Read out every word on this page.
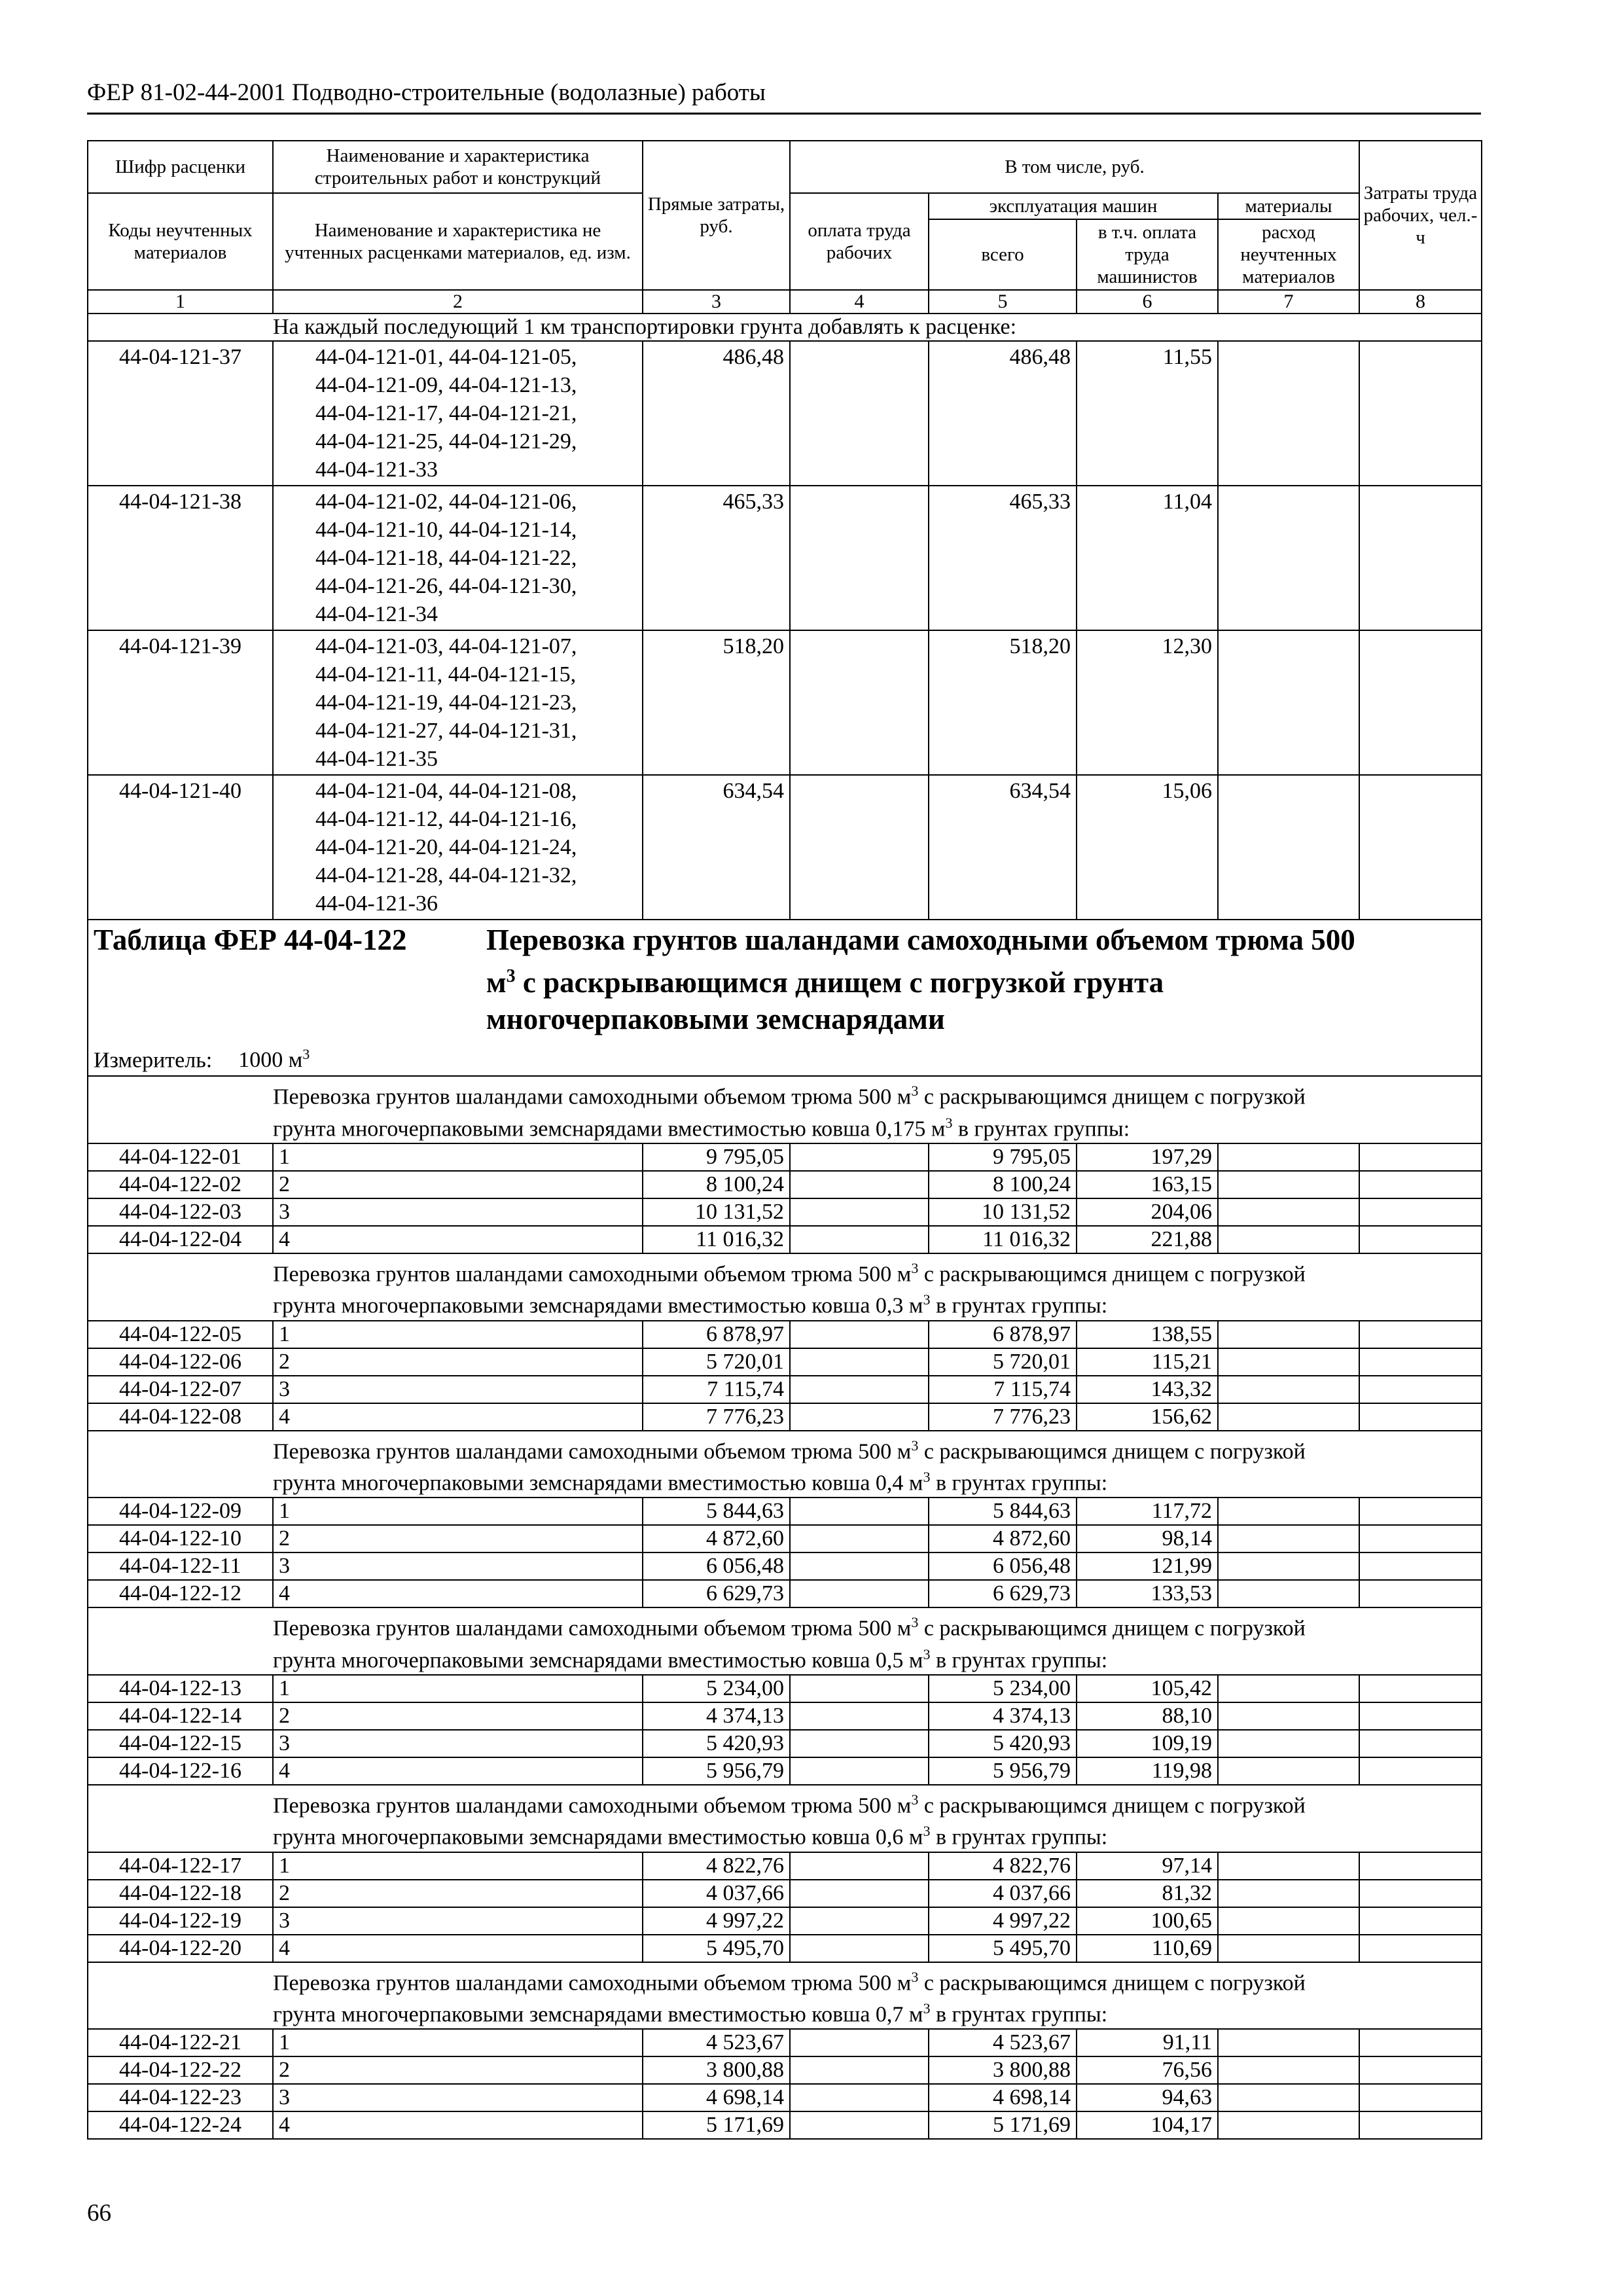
ФЕР 81-02-44-2001 Подводно-строительные (водолазные) работы
Шифр расценки	Наименование и характеристика строительных работ и конструкций	Прямые затраты, руб.	В том числе, руб.				Затраты труда рабочих, чел.-ч
Коды неучтенных материалов	Наименование и характеристика не учтенных расценками материалов, ед. изм.		оплата труда рабочих	эксплуатация машин		материалы	
				всего	в т.ч. оплата труда машинистов	расход неучтенных материалов	
1	2	3	4	5	6	7	8
	На каждый последующий 1 км транспортировки грунта добавлять к расценке:						
44-04-121-37	44-04-121-01, 44-04-121-05,
44-04-121-09, 44-04-121-13,
44-04-121-17, 44-04-121-21,
44-04-121-25, 44-04-121-29,
44-04-121-33	486,48		486,48	11,55		
44-04-121-38	44-04-121-02, 44-04-121-06,
44-04-121-10, 44-04-121-14,
44-04-121-18, 44-04-121-22,
44-04-121-26, 44-04-121-30,
44-04-121-34	465,33		465,33	11,04		
44-04-121-39	44-04-121-03, 44-04-121-07,
44-04-121-11, 44-04-121-15,
44-04-121-19, 44-04-121-23,
44-04-121-27, 44-04-121-31,
44-04-121-35	518,20		518,20	12,30		
44-04-121-40	44-04-121-04, 44-04-121-08,
44-04-121-12, 44-04-121-16,
44-04-121-20, 44-04-121-24,
44-04-121-28, 44-04-121-32,
44-04-121-36	634,54		634,54	15,06		

Таблица ФЕР 44-04-122 Перевозка грунтов шаландами самоходными объемом трюма 500
$м^3$ с раскрывающимся днищем с погрузкой грунта
многочерпаковыми земснарядами							

Измеритель: 1000 $м^3$
	Перевозка грунтов шаландами самоходными объемом трюма 500 $м^3$ с раскрывающимся днищем с погрузкой
грунта многочерпаковыми земснарядами вместимостью ковша 0,175 $м^3$ в грунтах группы:						
44-04-122-01	1	9 795,05		9 795,05	197,29		
44-04-122-02	2	8 100,24		8 100,24	163,15		
44-04-122-03	3	10 131,52		10 131,52	204,06		
44-04-122-04	4	11 016,32		11 016,32	221,88		
	Перевозка грунтов шаландами самоходными объемом трюма 500 $м^3$ с раскрывающимся днищем с погрузкой
грунта многочерпаковыми земснарядами вместимостью ковша 0,3 $м^3$ в грунтах группы:						
44-04-122-05	1	6 878,97		6 878,97	138,55		
44-04-122-06	2	5 720,01		5 720,01	115,21		
44-04-122-07	3	7 115,74		7 115,74	143,32		
44-04-122-08	4	7 776,23		7 776,23	156,62		
	Перевозка грунтов шаландами самоходными объемом трюма 500 $м^3$ с раскрывающимся днищем с погрузкой
грунта многочерпаковыми земснарядами вместимостью ковша 0,4 $м^3$ в грунтах группы:						
44-04-122-09	1	5 844,63		5 844,63	117,72		
44-04-122-10	2	4 872,60		4 872,60	98,14		
44-04-122-11	3	6 056,48		6 056,48	121,99		
44-04-122-12	4	6 629,73		6 629,73	133,53		
	Перевозка грунтов шаландами самоходными объемом трюма 500 $м^3$ с раскрывающимся днищем с погрузкой
грунта многочерпаковыми земснарядами вместимостью ковша 0,5 $м^3$ в грунтах группы:						
44-04-122-13	1	5 234,00		5 234,00	105,42		
44-04-122-14	2	4 374,13		4 374,13	88,10		
44-04-122-15	3	5 420,93		5 420,93	109,19		
44-04-122-16	4	5 956,79		5 956,79	119,98		
	Перевозка грунтов шаландами самоходными объемом трюма 500 $м^3$ с раскрывающимся днищем с погрузкой
грунта многочерпаковыми земснарядами вместимостью ковша 0,6 $м^3$ в грунтах группы:						
44-04-122-17	1	4 822,76		4 822,76	97,14		
44-04-122-18	2	4 037,66		4 037,66	81,32		
44-04-122-19	3	4 997,22		4 997,22	100,65		
44-04-122-20	4	5 495,70		5 495,70	110,69		
	Перевозка грунтов шаландами самоходными объемом трюма 500 $м^3$ с раскрывающимся днищем с погрузкой
грунта многочерпаковыми земснарядами вместимостью ковша 0,7 $м^3$ в грунтах группы:						
44-04-122-21	1	4 523,67		4 523,67	91,11		
44-04-122-22	2	3 800,88		3 800,88	76,56		
44-04-122-23	3	4 698,14		4 698,14	94,63		
44-04-122-24	4	5 171,69		5 171,69	104,17		
66
